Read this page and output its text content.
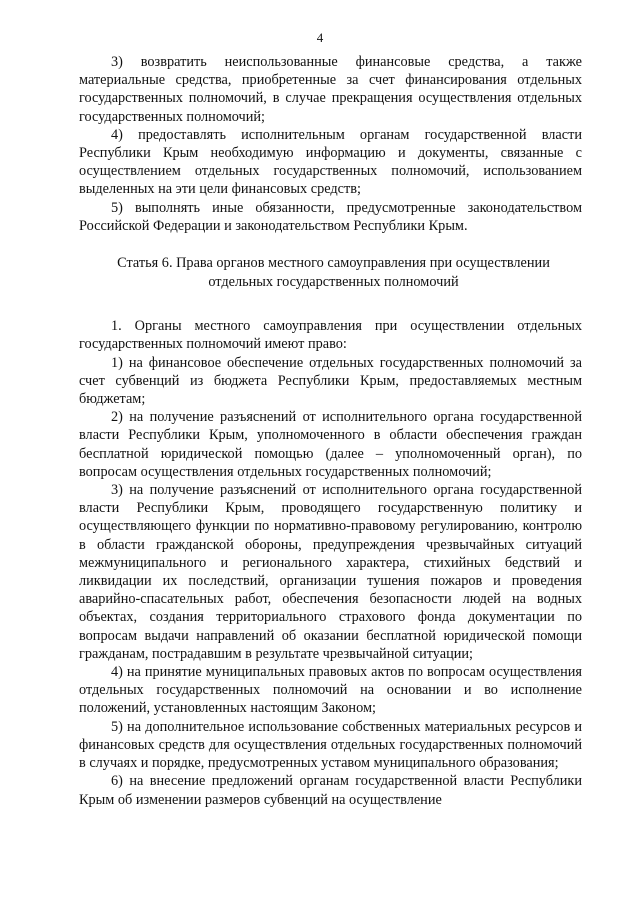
4

3) возвратить неиспользованные финансовые средства, а также материальные средства, приобретенные за счет финансирования отдельных государственных полномочий, в случае прекращения осуществления отдельных государственных полномочий;

4) предоставлять исполнительным органам государственной власти Республики Крым необходимую информацию и документы, связанные с осуществлением отдельных государственных полномочий, использованием выделенных на эти цели финансовых средств;

5) выполнять иные обязанности, предусмотренные законодательством Российской Федерации и законодательством Республики Крым.

Статья 6. Права органов местного самоуправления при осуществлении
отдельных государственных полномочий

1. Органы местного самоуправления при осуществлении отдельных государственных полномочий имеют право:

1) на финансовое обеспечение отдельных государственных полномочий за счет субвенций из бюджета Республики Крым, предоставляемых местным бюджетам;

2) на получение разъяснений от исполнительного органа государственной власти Республики Крым, уполномоченного в области обеспечения граждан бесплатной юридической помощью (далее – уполномоченный орган), по вопросам осуществления отдельных государственных полномочий;

3) на получение разъяснений от исполнительного органа государственной власти Республики Крым, проводящего государственную политику и осуществляющего функции по нормативно-правовому регулированию, контролю в области гражданской обороны, предупреждения чрезвычайных ситуаций межмуниципального и регионального характера, стихийных бедствий и ликвидации их последствий, организации тушения пожаров и проведения аварийно-спасательных работ, обеспечения безопасности людей на водных объектах, создания территориального страхового фонда документации по вопросам выдачи направлений об оказании бесплатной юридической помощи гражданам, пострадавшим в результате чрезвычайной ситуации;

4) на принятие муниципальных правовых актов по вопросам осуществления отдельных государственных полномочий на основании и во исполнение положений, установленных настоящим Законом;

5) на дополнительное использование собственных материальных ресурсов и финансовых средств для осуществления отдельных государственных полномочий в случаях и порядке, предусмотренных уставом муниципального образования;

6) на внесение предложений органам государственной власти Республики Крым об изменении размеров субвенций на осуществление
